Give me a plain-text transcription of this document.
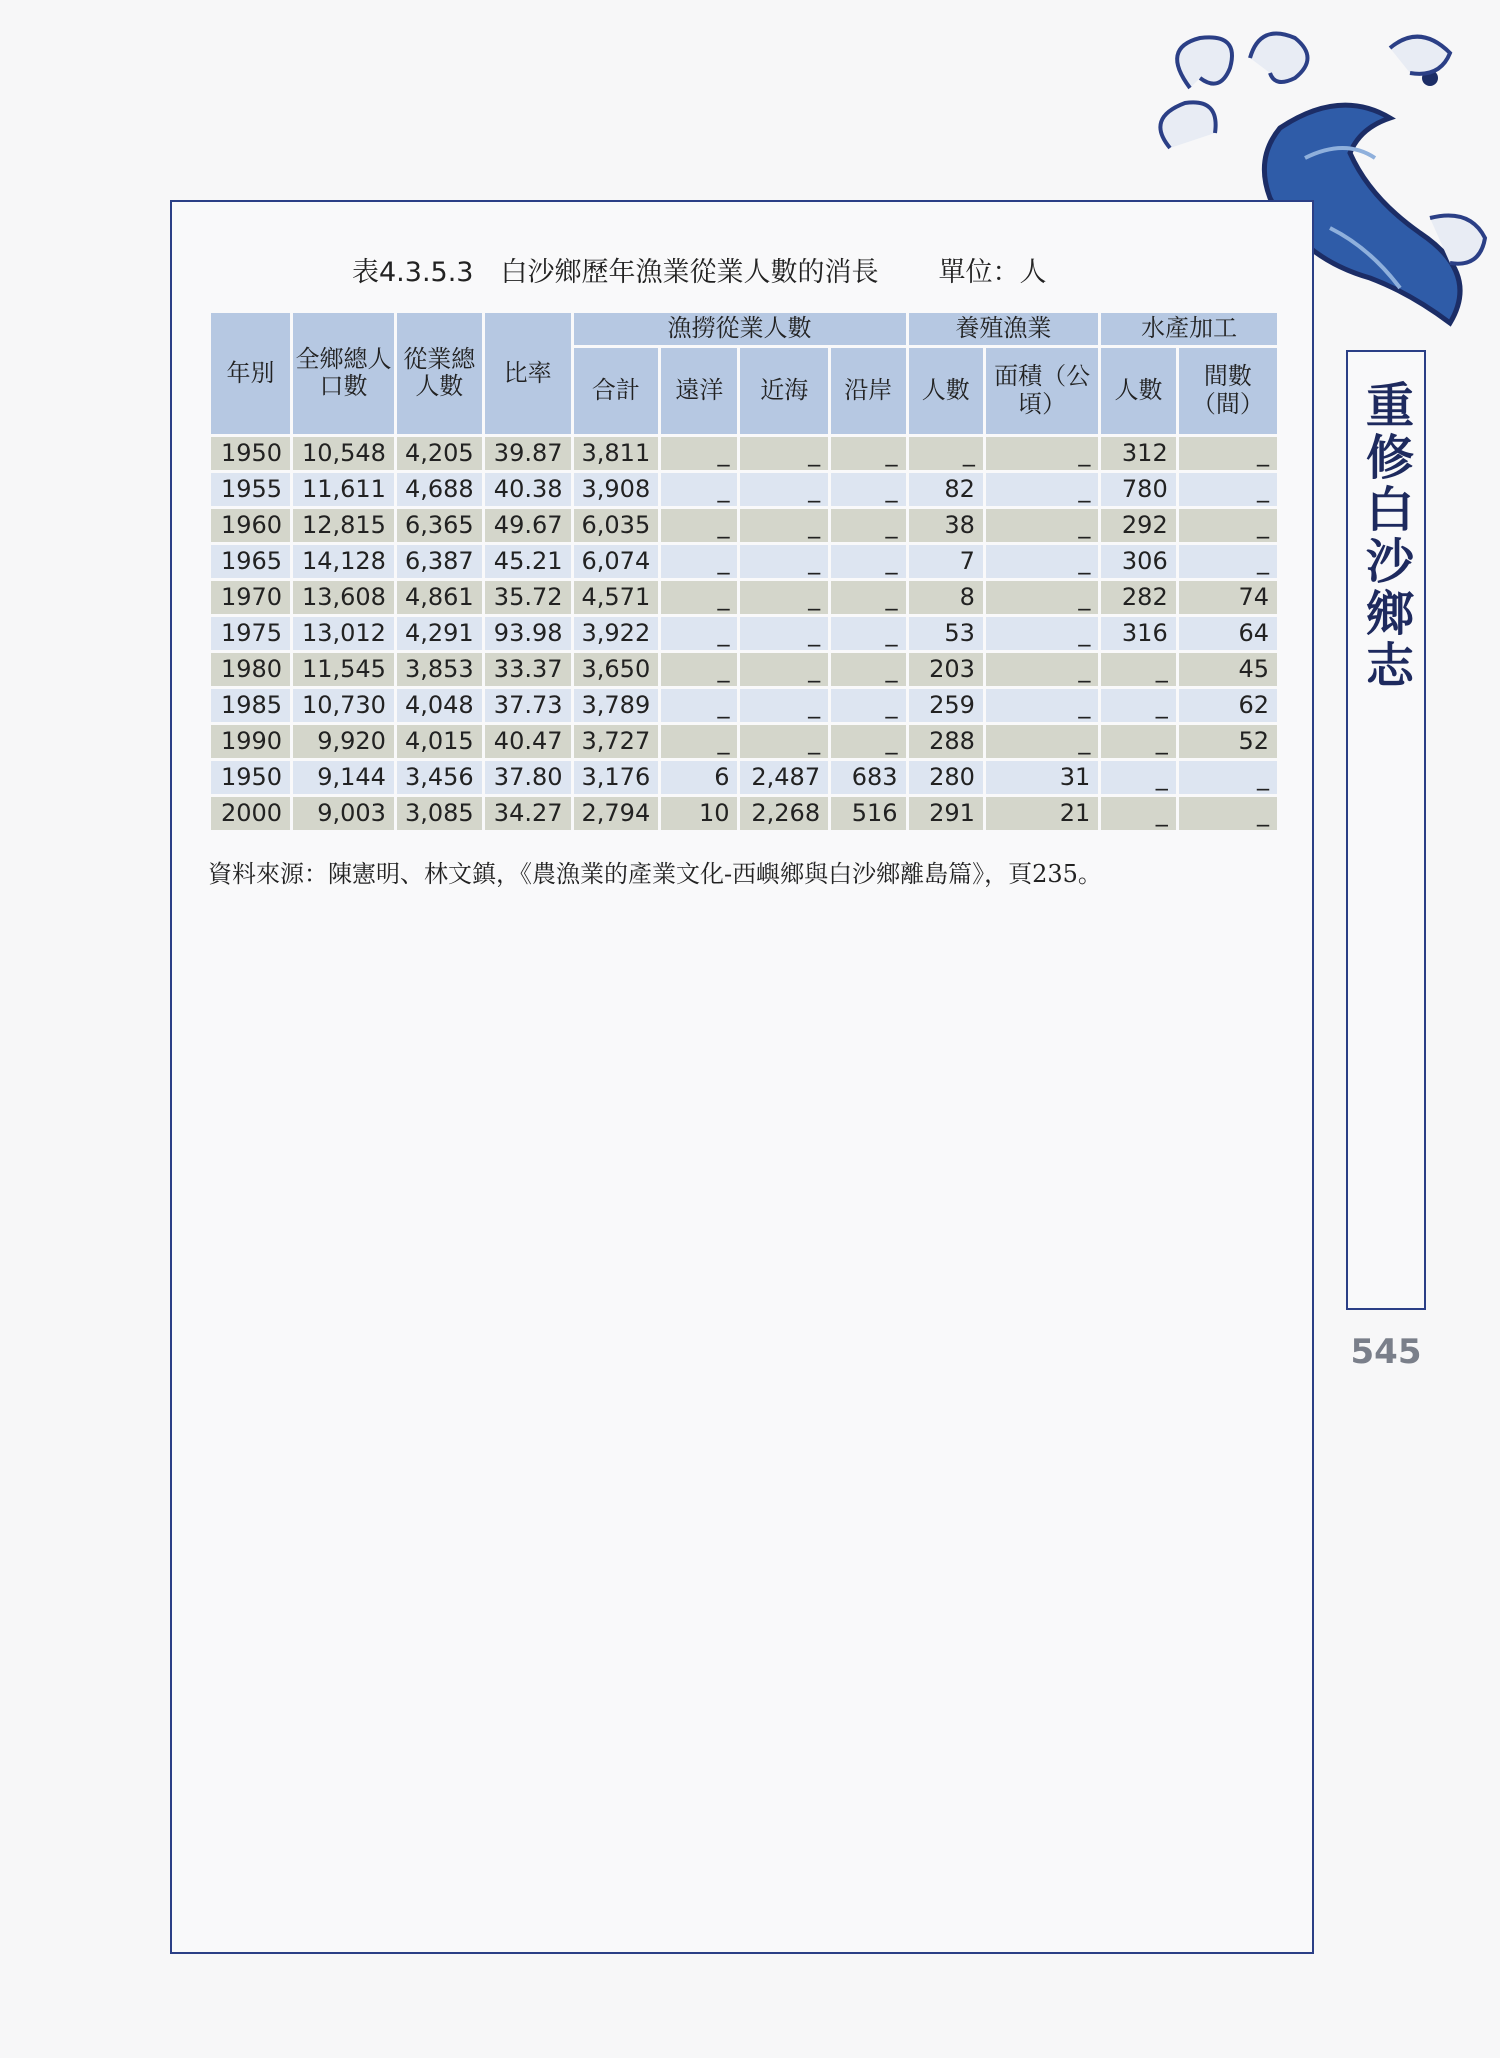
重修白沙鄉志
545
表4.3.5.3　白沙鄉歷年漁業從業人數的消長 單位：人
年別	全鄉總人口數	從業總人數	比率	漁撈從業人數				養殖漁業		水產加工	
				合計	遠洋	近海	沿岸	人數	面積（公頃）	人數	間數（間）
1950	10,548	4,205	39.87	3,811	_	_	_	_	_	312	_
1955	11,611	4,688	40.38	3,908	_	_	_	82	_	780	_
1960	12,815	6,365	49.67	6,035	_	_	_	38	_	292	_
1965	14,128	6,387	45.21	6,074	_	_	_	7	_	306	_
1970	13,608	4,861	35.72	4,571	_	_	_	8	_	282	74
1975	13,012	4,291	93.98	3,922	_	_	_	53	_	316	64
1980	11,545	3,853	33.37	3,650	_	_	_	203	_	_	45
1985	10,730	4,048	37.73	3,789	_	_	_	259	_	_	62
1990	9,920	4,015	40.47	3,727	_	_	_	288	_	_	52
1950	9,144	3,456	37.80	3,176	6	2,487	683	280	31	_	_
2000	9,003	3,085	34.27	2,794	10	2,268	516	291	21	_	_
資料來源：陳憲明、林文鎮，《農漁業的產業文化-西嶼鄉與白沙鄉離島篇》，頁235。
